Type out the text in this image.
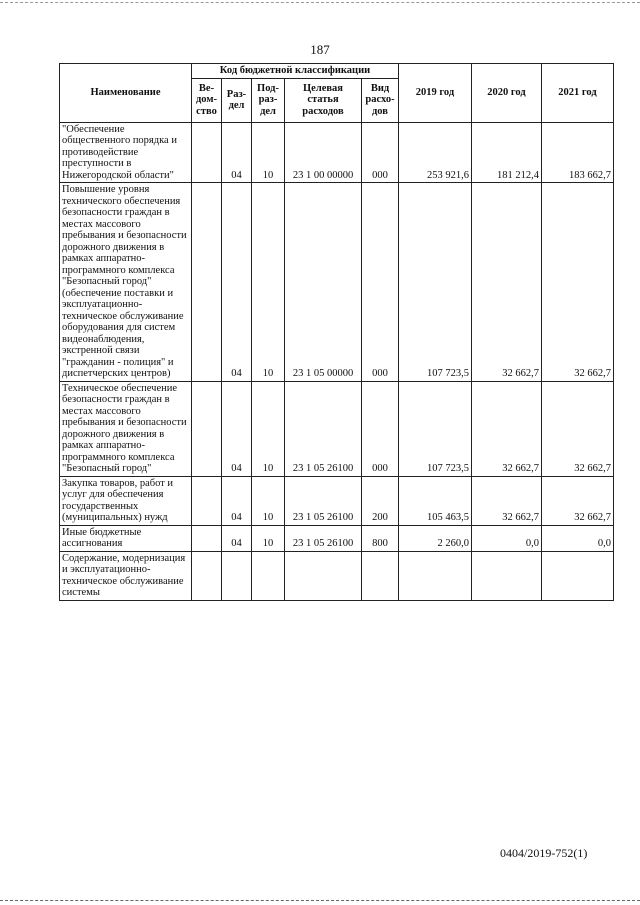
187
Наименование	Код бюджетной классификации					2019 год	2020 год	2021 год
	Ве-дом-ство	Раз-дел	Под-раз-дел	Целевая статья расходов	Вид расхо-дов			
"Обеспечение общественного порядка и противодействие преступности в Нижегородской области"		04	10	23 1 00 00000	000	253 921,6	181 212,4	183 662,7
Повышение уровня технического обеспечения безопасности граждан в местах массового пребывания и безопасности дорожного движения в рамках аппаратно-программного комплекса "Безопасный город" (обеспечение поставки и эксплуатационно-техническое обслуживание оборудования для систем видеонаблюдения, экстренной связи "гражданин - полиция" и диспетчерских центров)		04	10	23 1 05 00000	000	107 723,5	32 662,7	32 662,7
Техническое обеспечение безопасности граждан в местах массового пребывания и безопасности дорожного движения в рамках аппаратно-программного комплекса "Безопасный город"		04	10	23 1 05 26100	000	107 723,5	32 662,7	32 662,7
Закупка товаров, работ и услуг для обеспечения государственных (муниципальных) нужд		04	10	23 1 05 26100	200	105 463,5	32 662,7	32 662,7
Иные бюджетные ассигнования		04	10	23 1 05 26100	800	2 260,0	0,0	0,0
Содержание, модернизация и эксплуатационно-техническое обслуживание системы								
0404/2019-752(1)
